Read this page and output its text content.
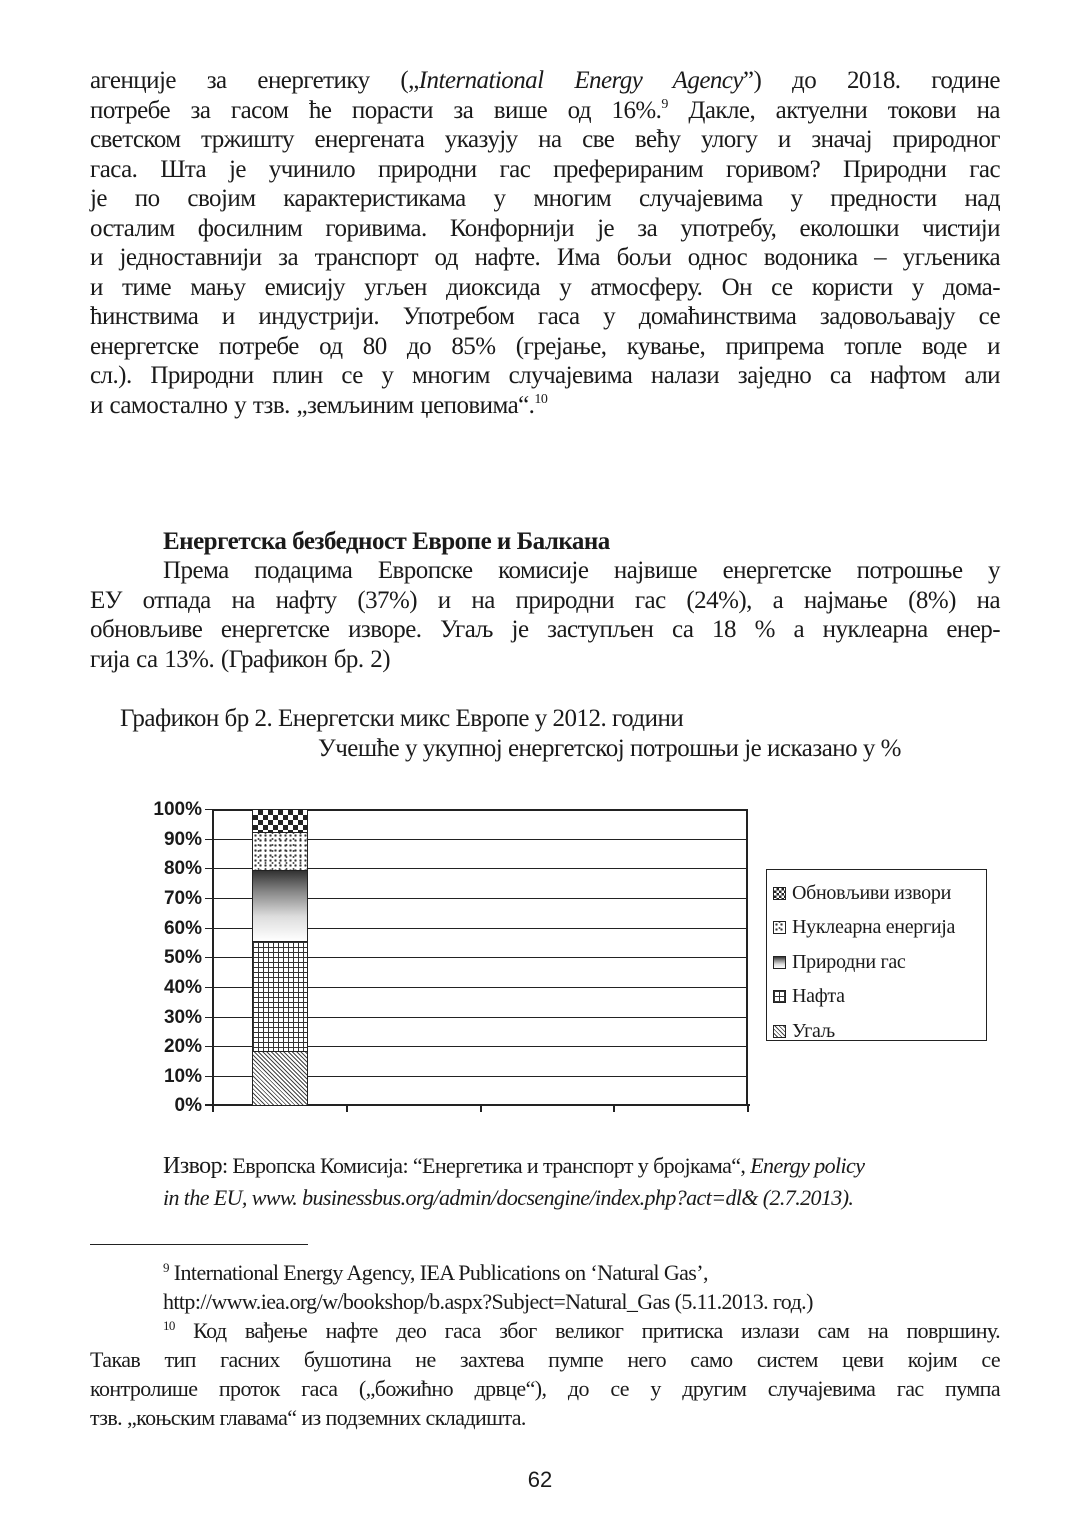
агенције за енергетику („International Energy Agency”) до 2018. године
потребе за гасом ће порасти за више од 16%.$^9$ Дакле, актуелни токови на
светском тржишту енергената указују на све већу улогу и значај природног
гаса. Шта је учинило природни гас преферираним горивом? Природни гас
је по својим карактеристикама у многим случајевима у предности над
осталим фосилним горивима. Конфорнији је за употребу, еколошки чистији
и једноставнији за транспорт од нафте. Има бољи однос водоника – угљеника
и тиме мању емисију угљен диоксида у атмосферу. Он се користи у дома-
ћинствима и индустрији. Употребом гаса у домаћинствима задовољавају се
енергетске потребе од 80 до 85% (грејање, кување, припрема топле воде и
сл.). Природни плин се у многим случајевима налази заједно са нафтом али
и самостално у тзв. „земљиним џеповима“.$^{10}$
Енергетска безбедност Европе и Балкана
Према подацима Европске комисије највише енергетске потрошње у
ЕУ отпада на нафту (37%) и на природни гас (24%), а најмање (8%) на
обновљиве енергетске изворе. Угаљ је заступљен са 18 % а нуклеарна енер-
гија са 13%. (Графикон бр. 2)
Графикон бр 2. Енергетски микс Европе у 2012. години
Учешће у укупној енергетској потрошњи је исказано у %
100%
90%
80%
70%
60%
50%
40%
30%
20%
10%
0%
Обновљиви извори
Нуклеарна енергија
Природни гас
Нафта
Угаљ
Извор: Европска Комисија: “Енергетика и транспорт у бројкама“, Energy policy
in the EU, www. businessbus.org/admin/docsengine/index.php?act=dl& (2.7.2013).
$^9$ International Energy Agency, IEA Publications on ‘Natural Gas’,
http://www.iea.org/w/bookshop/b.aspx?Subject=Natural_Gas (5.11.2013. год.)
$^{10}$ Код вађење нафте део гаса због великог притиска излази сам на површину.
Такав тип гасних бушотина не захтева пумпе него само систем цеви којим се
контролише проток гаса („божићно дрвце“), до се у другим случајевима гас пумпа
тзв. „коњским главама“ из подземних складишта.
62
